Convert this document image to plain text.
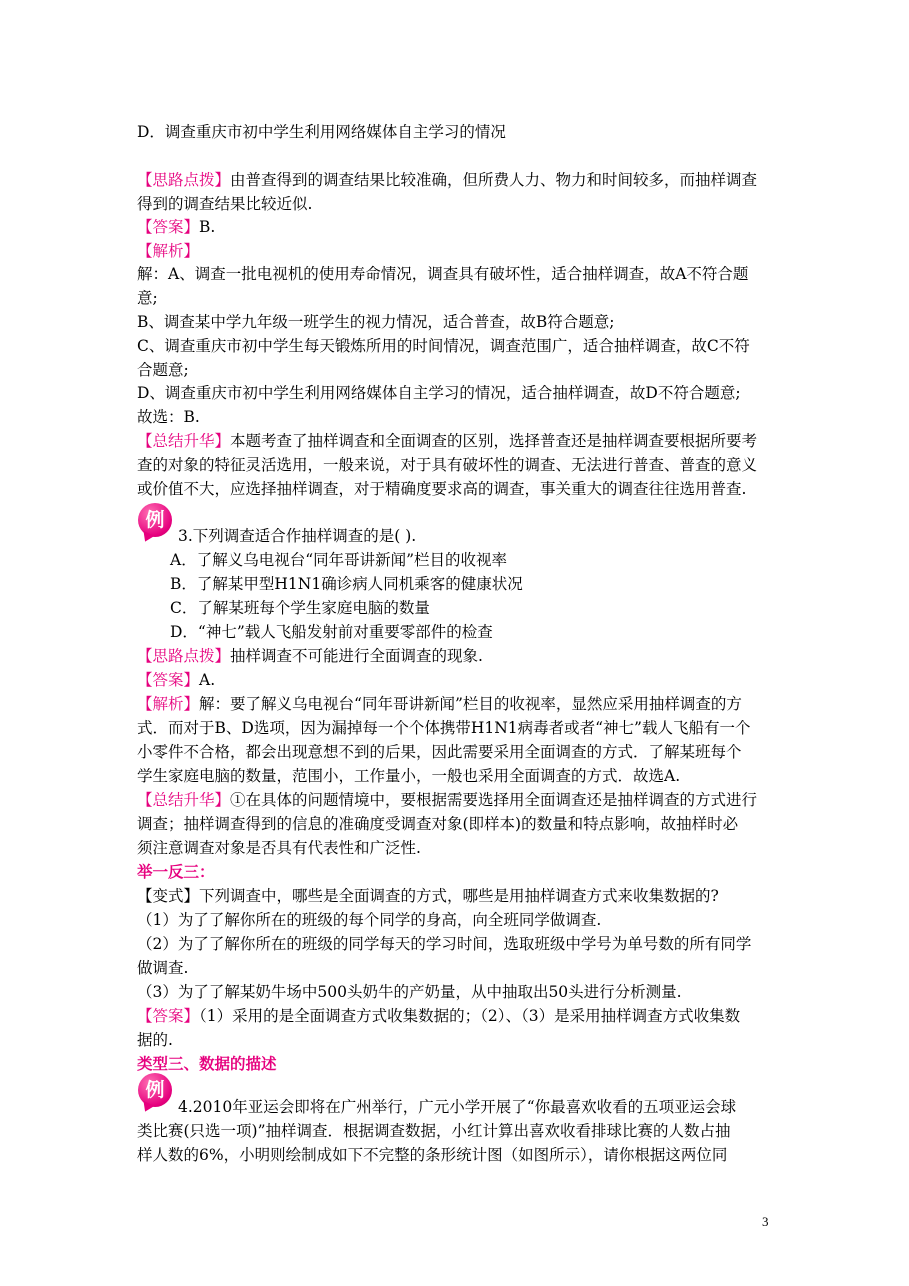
D．调查重庆市初中学生利用网络媒体自主学习的情况
【思路点拨】由普查得到的调查结果比较准确，但所费人力、物力和时间较多，而抽样调查
得到的调查结果比较近似.
【答案】B.
【解析】
解：A、调查一批电视机的使用寿命情况，调查具有破坏性，适合抽样调查，故A不符合题
意;
B、调查某中学九年级一班学生的视力情况，适合普查，故B符合题意;
C、调查重庆市初中学生每天锻炼所用的时间情况，调查范围广，适合抽样调查，故C不符
合题意;
D、调查重庆市初中学生利用网络媒体自主学习的情况，适合抽样调查，故D不符合题意;
故选：B.
【总结升华】本题考查了抽样调查和全面调查的区别，选择普查还是抽样调查要根据所要考
查的对象的特征灵活选用，一般来说，对于具有破坏性的调查、无法进行普查、普查的意义
或价值不大，应选择抽样调查，对于精确度要求高的调查，事关重大的调查往往选用普查.
例
3.下列调查适合作抽样调查的是( ).
A．了解义乌电视台“同年哥讲新闻”栏目的收视率
B．了解某甲型H1N1确诊病人同机乘客的健康状况
C．了解某班每个学生家庭电脑的数量
D．“神七”载人飞船发射前对重要零部件的检查
【思路点拨】抽样调查不可能进行全面调查的现象.
【答案】A.
【解析】解：要了解义乌电视台“同年哥讲新闻”栏目的收视率，显然应采用抽样调查的方
式．而对于B、D选项，因为漏掉每一个个体携带H1N1病毒者或者“神七”载人飞船有一个
小零件不合格，都会出现意想不到的后果，因此需要采用全面调查的方式．了解某班每个
学生家庭电脑的数量，范围小，工作量小，一般也采用全面调查的方式．故选A.
【总结升华】①在具体的问题情境中，要根据需要选择用全面调查还是抽样调查的方式进行
调查；抽样调查得到的信息的准确度受调查对象(即样本)的数量和特点影响，故抽样时必
须注意调查对象是否具有代表性和广泛性.
举一反三：
【变式】下列调查中，哪些是全面调查的方式，哪些是用抽样调查方式来收集数据的?
（1）为了了解你所在的班级的每个同学的身高，向全班同学做调查.
（2）为了了解你所在的班级的同学每天的学习时间，选取班级中学号为单号数的所有同学
做调查.
（3）为了了解某奶牛场中500头奶牛的产奶量，从中抽取出50头进行分析测量.
【答案】（1）采用的是全面调查方式收集数据的；（2）、（3）是采用抽样调查方式收集数
据的.
类型三、数据的描述
例
4.2010年亚运会即将在广州举行，广元小学开展了“你最喜欢收看的五项亚运会球
类比赛(只选一项)”抽样调查．根据调查数据，小红计算出喜欢收看排球比赛的人数占抽
样人数的6%，小明则绘制成如下不完整的条形统计图（如图所示），请你根据这两位同
3
